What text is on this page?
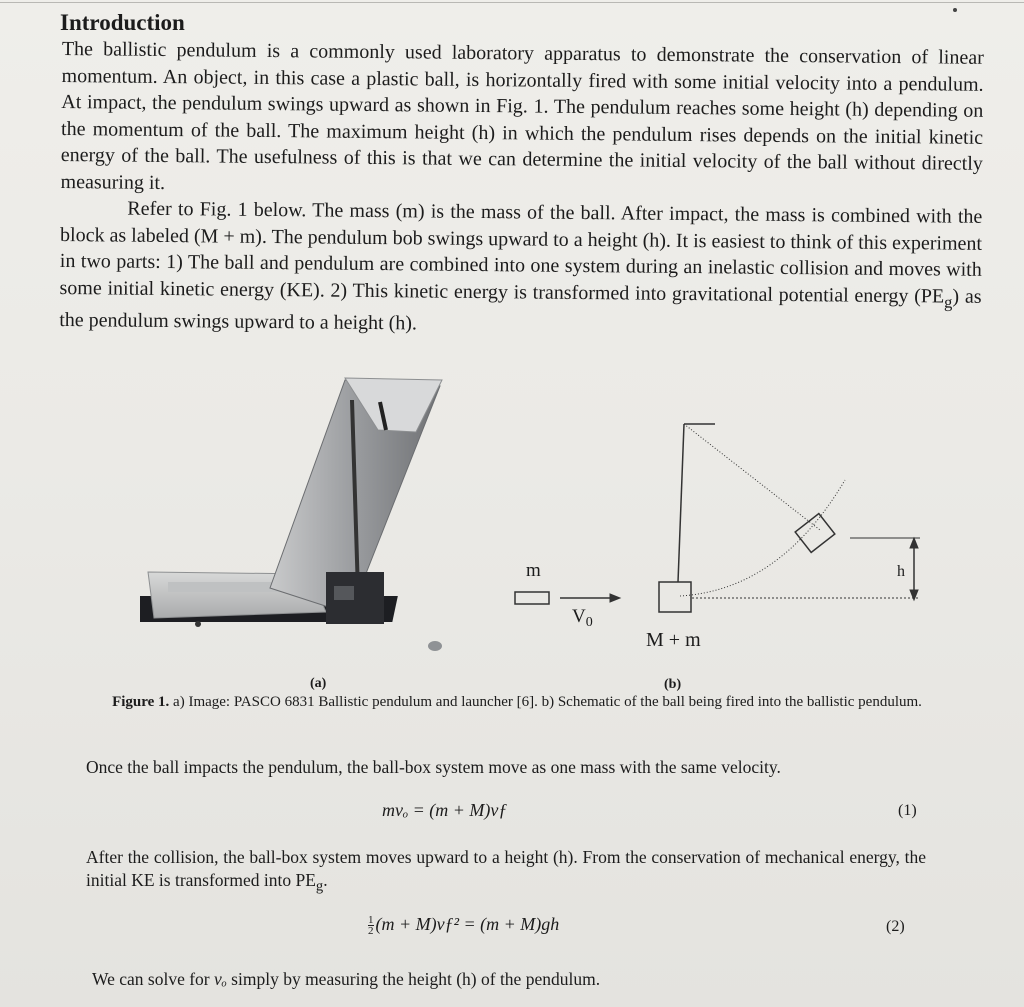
Introduction

The ballistic pendulum is a commonly used laboratory apparatus to demonstrate the conservation of linear momentum. An object, in this case a plastic ball, is horizontally fired with some initial velocity into a pendulum. At impact, the pendulum swings upward as shown in Fig. 1. The pendulum reaches some height (h) depending on the momentum of the ball. The maximum height (h) in which the pendulum rises depends on the initial kinetic energy of the ball. The usefulness of this is that we can determine the initial velocity of the ball without directly measuring it.

Refer to Fig. 1 below. The mass (m) is the mass of the ball. After impact, the mass is combined with the block as labeled (M + m). The pendulum bob swings upward to a height (h). It is easiest to think of this experiment in two parts: 1) The ball and pendulum are combined into one system during an inelastic collision and moves with some initial kinetic energy (KE). 2) This kinetic energy is transformed into gravitational potential energy $(PE_g)$ as the pendulum swings upward to a height (h).

m
$V_0$
M + m
h
(a)	(b)
Figure 1. a) Image: PASCO 6831 Ballistic pendulum and launcher [6]. b) Schematic of the ball being fired into the ballistic pendulum.
Once the ball impacts the pendulum, the ball-box system move as one mass with the same velocity.
mvₒ = (m + M)vƒ	(1)
After the collision, the ball-box system moves upward to a height (h). From the conservation of mechanical energy, the initial KE is transformed into $PE_g$.
$\frac{1}{2} (m$ + M)vƒ² = (m + M)gh	(2)
We can solve for vₒ simply by measuring the height (h) of the pendulum.
